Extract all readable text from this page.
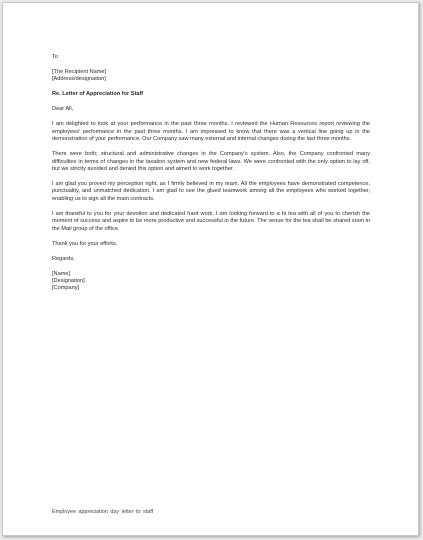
To

[The Recipient Name]
[Address/designation]

Re. Letter of Appreciation for Staff

Dear All,

I am delighted to look at your performance in the past three months. I reviewed the Human Resources report reviewing the employees' performance in the past three months. I am impressed to know that there was a vertical line going up in the demonstration of your performance. Our Company saw many external and internal changes during the last three months.

There were both; structural and administrative changes in the Company's system. Also, the Company confronted many difficulties in terms of changes in the taxation system and new federal laws. We were confronted with the only option to lay off, but we strictly avoided and denied this option and aimed to work together.

I am glad you proved my perception right, as I firmly believed in my team. All the employees have demonstrated competence, punctuality, and unmatched dedication. I am glad to see the glued teamwork among all the employees who worked together, enabling us to sign all the main contracts.

I am thankful to you for your devotion and dedicated hard work. I am looking forward to a hi tea with all of you to cherish the moment of success and aspire to be more productive and successful in the future. The venue for the tea shall be shared soon in the Mail group of the office.

Thank you for your efforts.

Regards,

[Name]
[Designation]
[Company]

Employee appreciation day letter to staff
